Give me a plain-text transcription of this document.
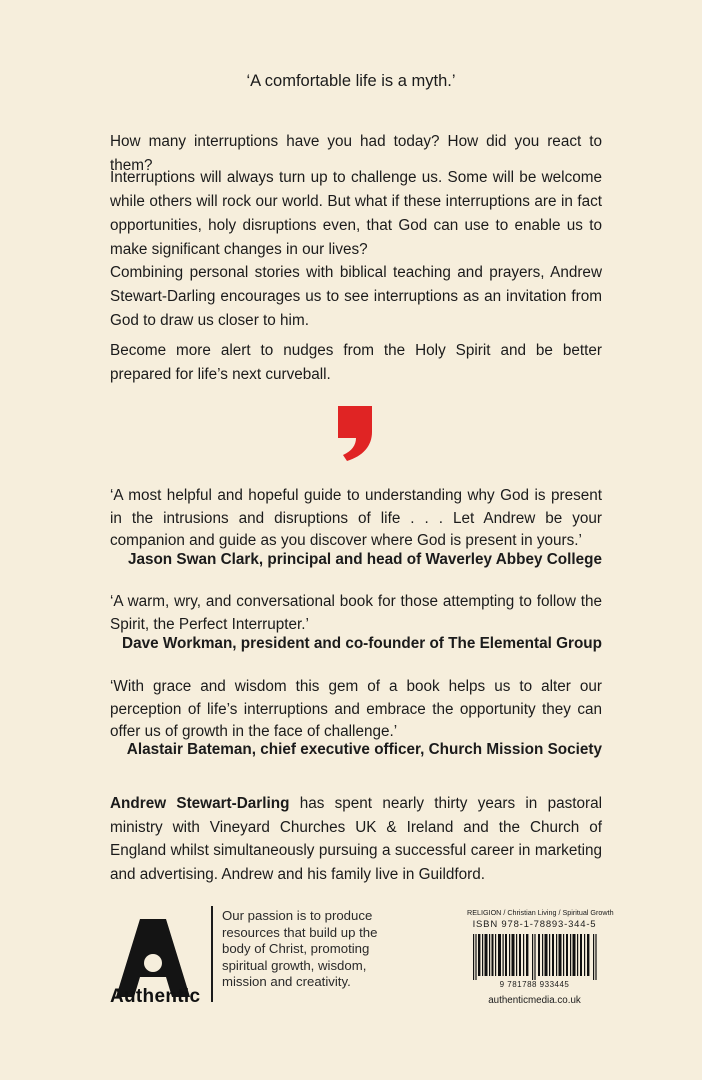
‘A comfortable life is a myth.’

How many interruptions have you had today? How did you react to them?

Interruptions will always turn up to challenge us. Some will be welcome while others will rock our world. But what if these interruptions are in fact opportunities, holy disruptions even, that God can use to enable us to make significant changes in our lives?

Combining personal stories with biblical teaching and prayers, Andrew Stewart-Darling encourages us to see interruptions as an invitation from God to draw us closer to him.

Become more alert to nudges from the Holy Spirit and be better prepared for life’s next curveball.

‘A most helpful and hopeful guide to understanding why God is present in the intrusions and disruptions of life . . . Let Andrew be your companion and guide as you discover where God is present in yours.’

Jason Swan Clark, principal and head of Waverley Abbey College

‘A warm, wry, and conversational book for those attempting to follow the Spirit, the Perfect Interrupter.’

Dave Workman, president and co-founder of The Elemental Group

‘With grace and wisdom this gem of a book helps us to alter our perception of life’s interruptions and embrace the opportunity they can offer us of growth in the face of challenge.’

Alastair Bateman, chief executive officer, Church Mission Society

Andrew Stewart-Darling has spent nearly thirty years in pastoral ministry with Vineyard Churches UK & Ireland and the Church of England whilst simultaneously pursuing a successful career in marketing and advertising. Andrew and his family live in Guildford.

Authentic
Our passion is to produce resources that build up the body of Christ, promoting spiritual growth, wisdom, mission and creativity.
RELIGION / Christian Living / Spiritual Growth
ISBN 978-1-78893-344-5
9 781788 933445
authenticmedia.co.uk
